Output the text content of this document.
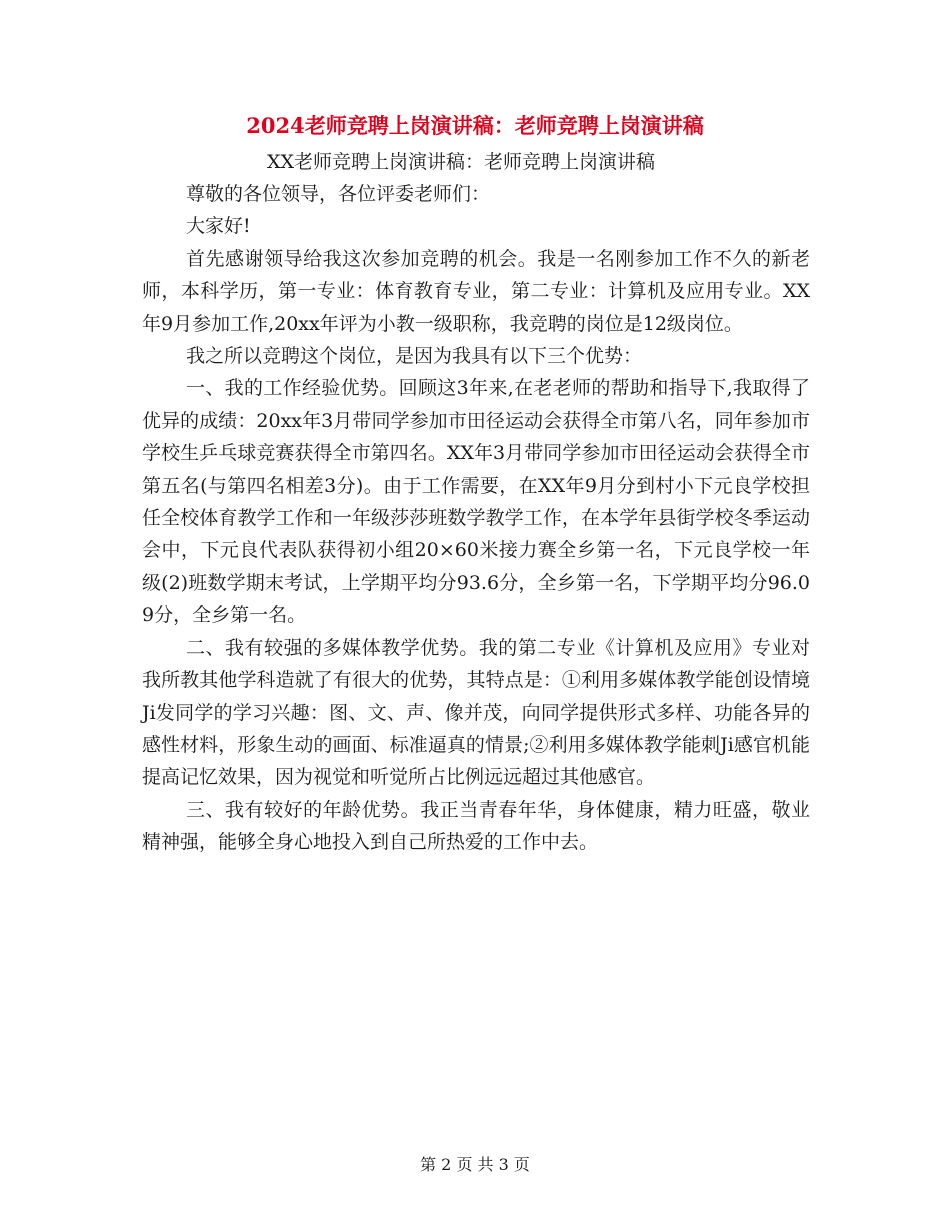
2024老师竞聘上岗演讲稿：老师竞聘上岗演讲稿

XX老师竞聘上岗演讲稿：老师竞聘上岗演讲稿

尊敬的各位领导，各位评委老师们：

大家好!

首先感谢领导给我这次参加竞聘的机会。我是一名刚参加工作不久的新老师，本科学历，第一专业：体育教育专业，第二专业：计算机及应用专业。XX年9月参加工作,20xx年评为小教一级职称，我竞聘的岗位是12级岗位。

我之所以竞聘这个岗位，是因为我具有以下三个优势：

一、我的工作经验优势。回顾这3年来,在老老师的帮助和指导下,我取得了优异的成绩：20xx年3月带同学参加市田径运动会获得全市第八名，同年参加市学校生乒乓球竞赛获得全市第四名。XX年3月带同学参加市田径运动会获得全市第五名(与第四名相差3分)。由于工作需要，在XX年9月分到村小下元良学校担任全校体育教学工作和一年级莎莎班数学教学工作，在本学年县街学校冬季运动会中，下元良代表队获得初小组20×60米接力赛全乡第一名，下元良学校一年级(2)班数学期末考试，上学期平均分93.6分，全乡第一名，下学期平均分96.09分，全乡第一名。

二、我有较强的多媒体教学优势。我的第二专业《计算机及应用》专业对我所教其他学科造就了有很大的优势，其特点是：①利用多媒体教学能创设情境Ji发同学的学习兴趣：图、文、声、像并茂，向同学提供形式多样、功能各异的感性材料，形象生动的画面、标准逼真的情景;②利用多媒体教学能刺Ji感官机能提高记忆效果，因为视觉和听觉所占比例远远超过其他感官。

三、我有较好的年龄优势。我正当青春年华，身体健康，精力旺盛，敬业精神强，能够全身心地投入到自己所热爱的工作中去。

第 2 页 共 3 页
